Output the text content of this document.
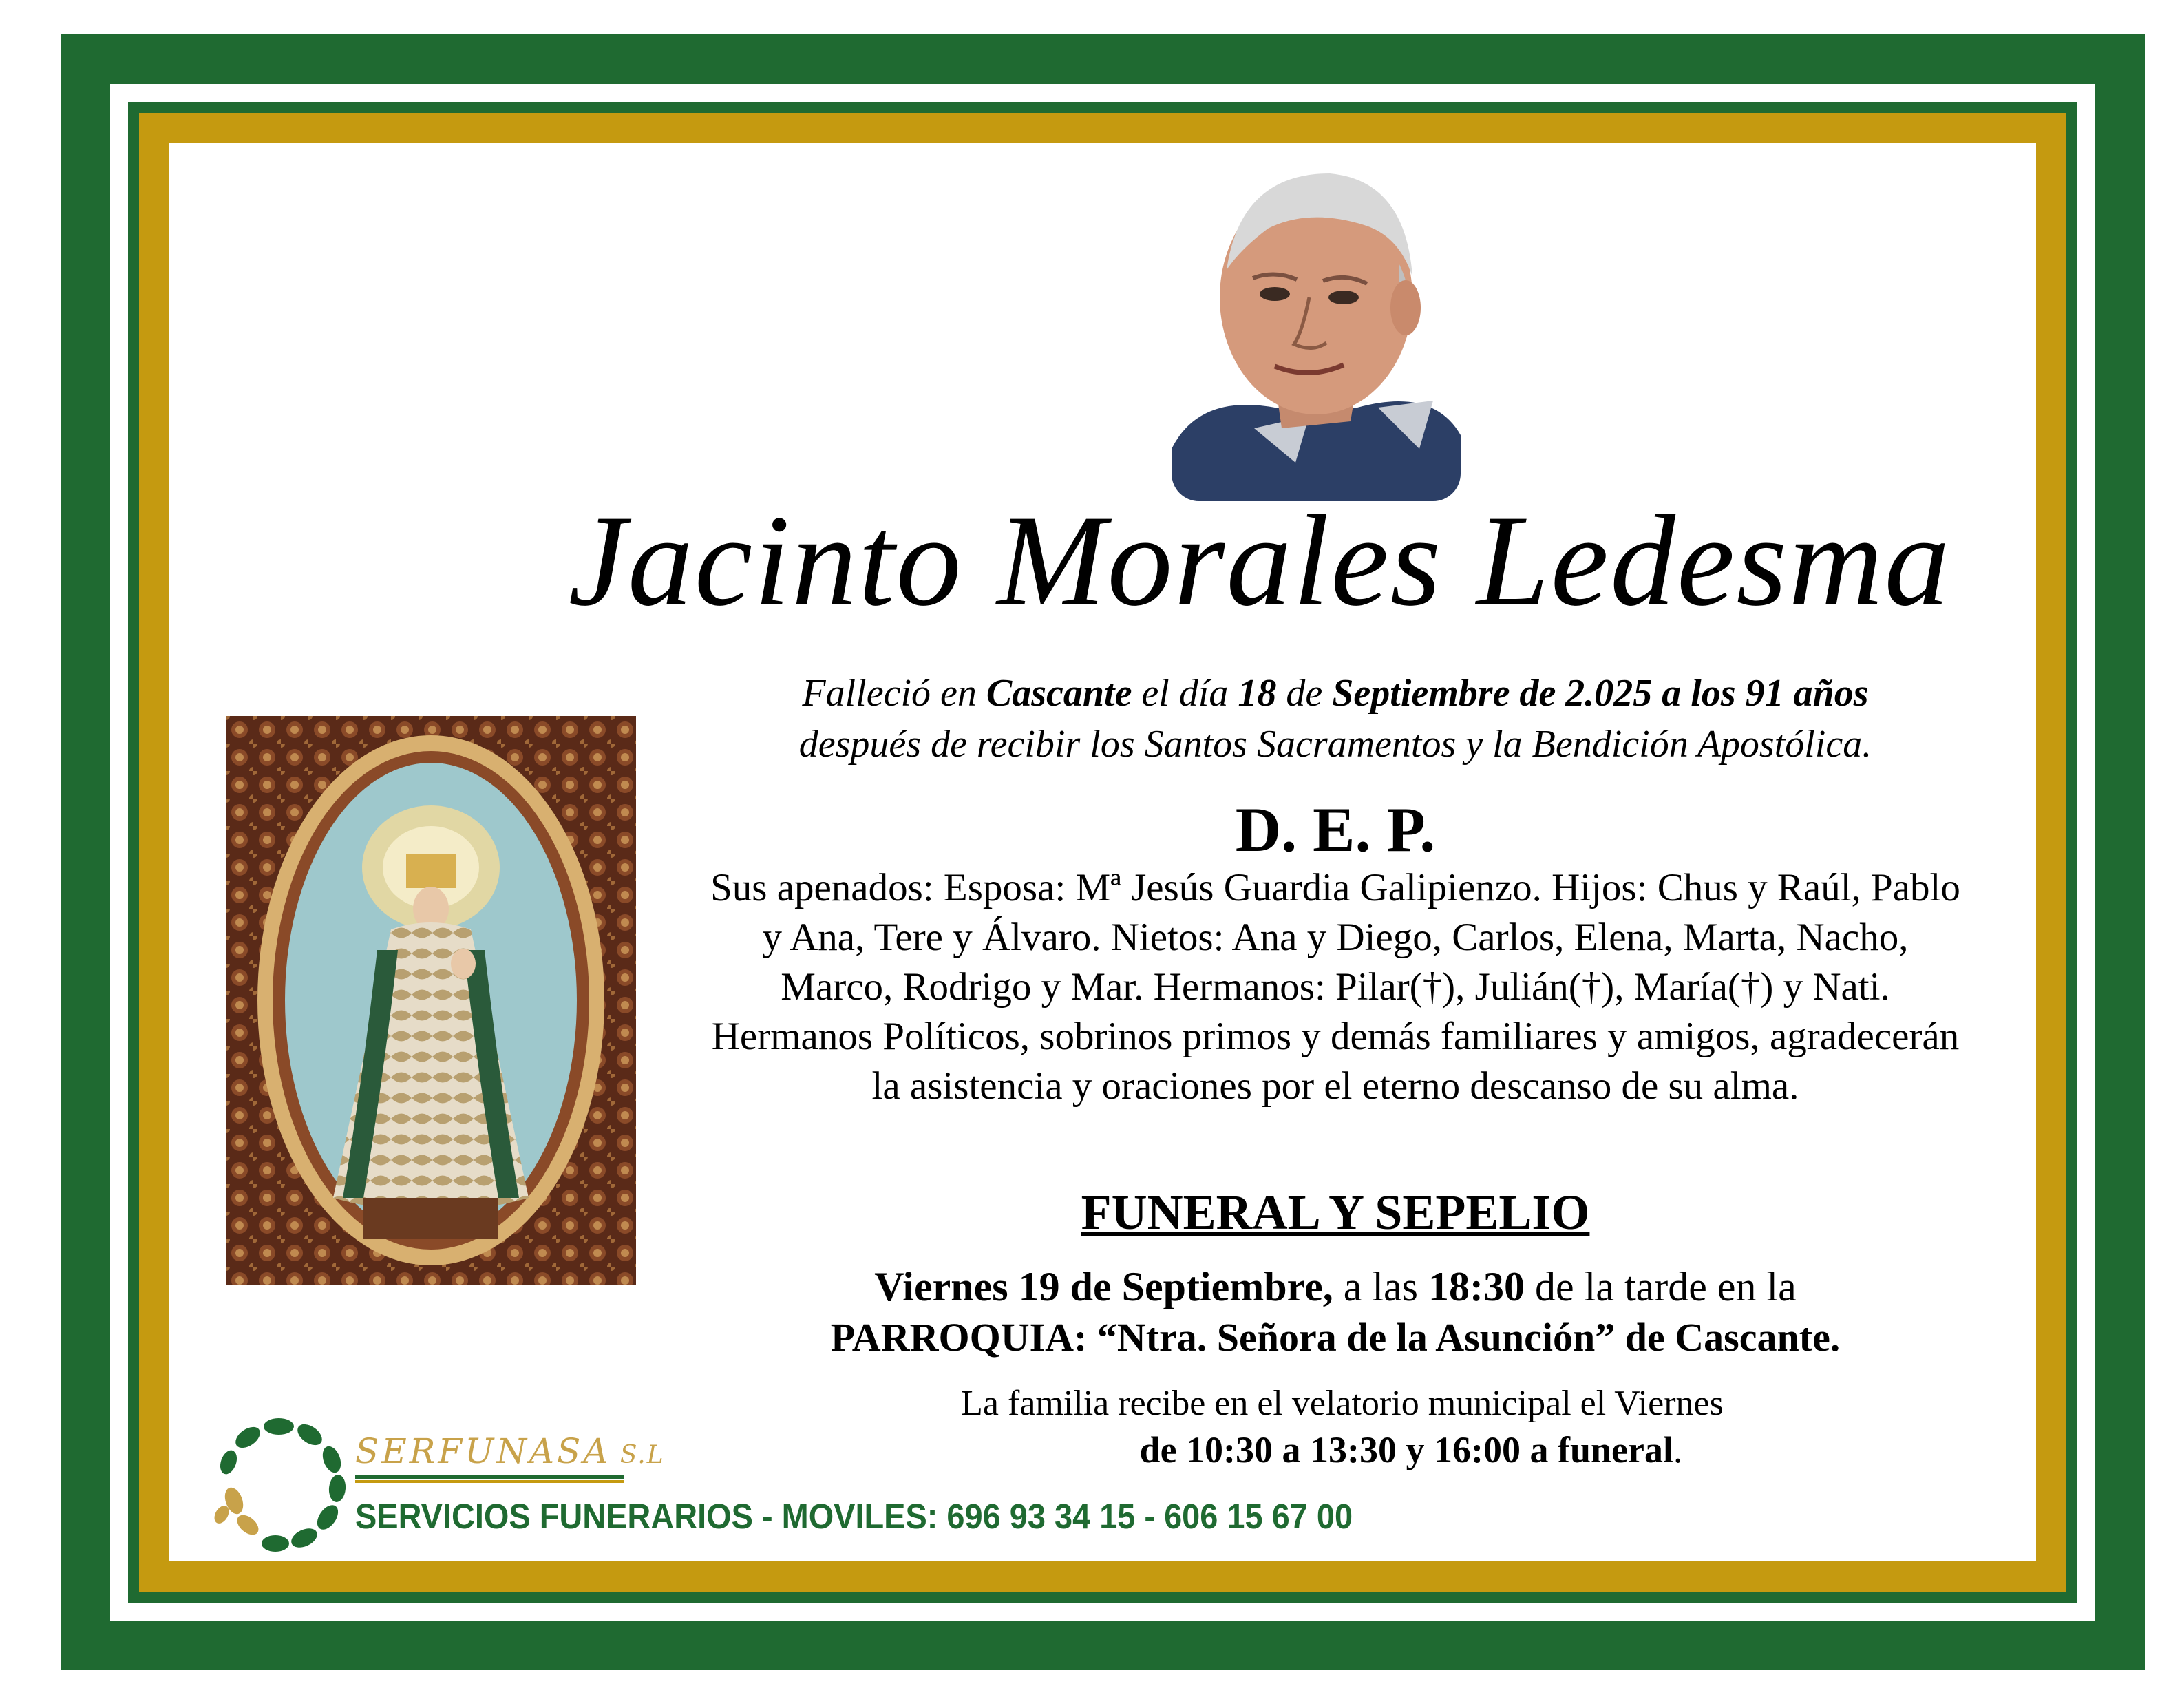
Jacinto Morales Ledesma
Falleció en Cascante el día 18 de Septiembre de 2.025 a los 91 años
después de recibir los Santos Sacramentos y la Bendición Apostólica.
D. E. P.
Sus apenados: Esposa: Mª Jesús Guardia Galipienzo. Hijos: Chus y Raúl, Pablo y Ana, Tere y Álvaro. Nietos: Ana y Diego, Carlos, Elena, Marta, Nacho, Marco, Rodrigo y Mar. Hermanos: Pilar(†), Julián(†), María(†) y Nati. Hermanos Políticos, sobrinos primos y demás familiares y amigos, agradecerán la asistencia y oraciones por el eterno descanso de su alma.
FUNERAL Y SEPELIO
Viernes 19 de Septiembre, a las 18:30 de la tarde en la
PARROQUIA: “Ntra. Señora de la Asunción” de Cascante.
La familia recibe en el velatorio municipal el Viernes
de 10:30 a 13:30 y 16:00 a funeral.
SERFUNASA S.L
SERVICIOS FUNERARIOS - MOVILES: 696 93 34 15 - 606 15 67 00
